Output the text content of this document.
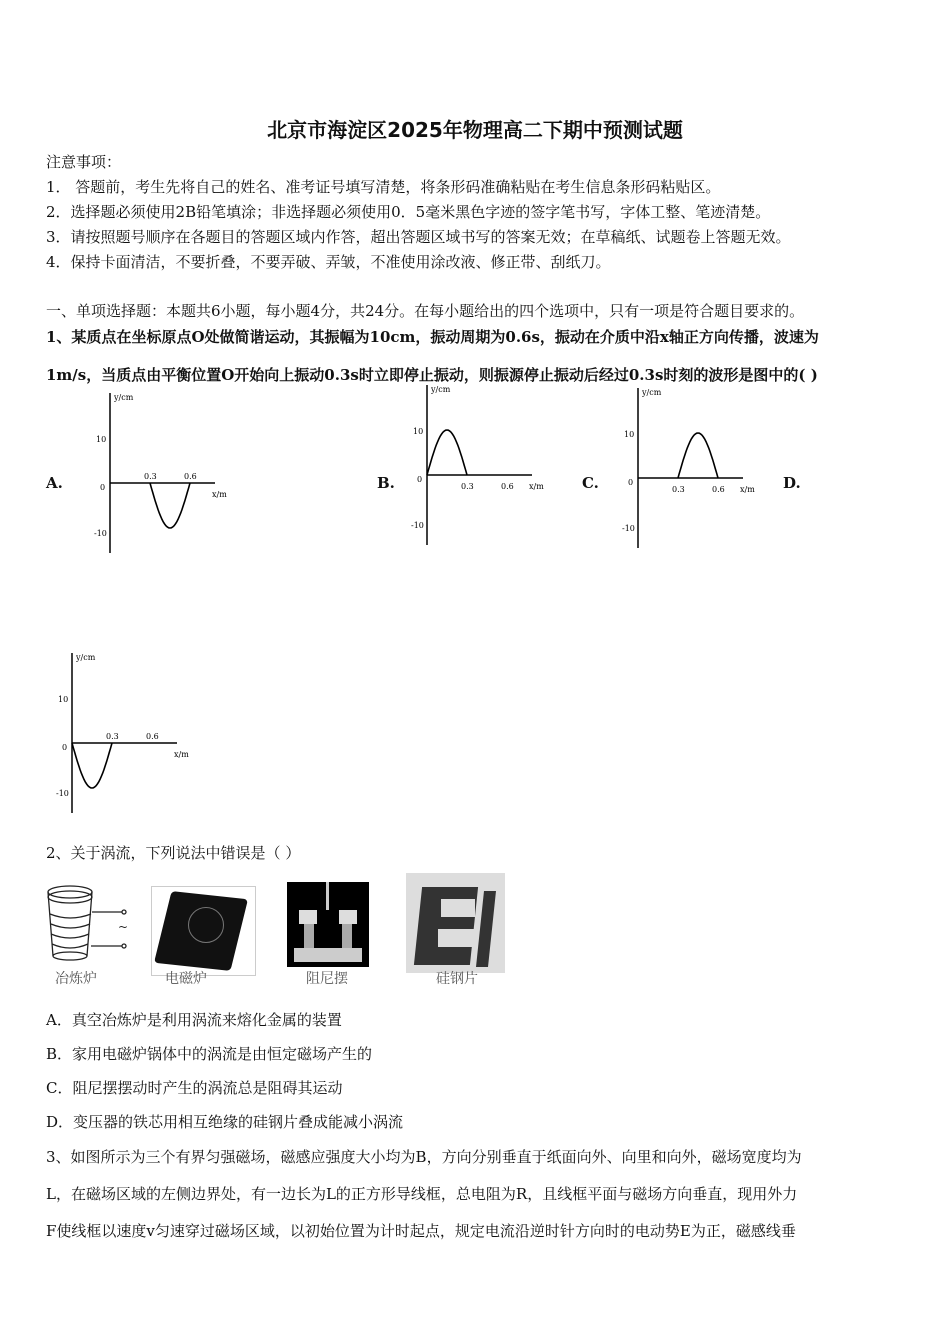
北京市海淀区2025年物理高二下期中预测试题
注意事项：
1． 答题前，考生先将自己的姓名、准考证号填写清楚，将条形码准确粘贴在考生信息条形码粘贴区。
2．选择题必须使用2B铅笔填涂；非选择题必须使用0．5毫米黑色字迹的签字笔书写，字体工整、笔迹清楚。
3．请按照题号顺序在各题目的答题区域内作答，超出答题区域书写的答案无效；在草稿纸、试题卷上答题无效。
4．保持卡面清洁，不要折叠，不要弄破、弄皱，不准使用涂改液、修正带、刮纸刀。
一、单项选择题：本题共6小题，每小题4分，共24分。在每小题给出的四个选项中，只有一项是符合题目要求的。
1、某质点在坐标原点O处做简谐运动，其振幅为10cm，振动周期为0.6s，振动在介质中沿x轴正方向传播，波速为
1m/s，当质点由平衡位置O开始向上振动0.3s时立即停止振动，则振源停止振动后经过0.3s时刻的波形是图中的( )
A.	B.	C.	D.
y/cm
x/m
10
0
-10
0.3	0.6
y/cm
x/m
10
0
-10
0.3	0.6
y/cm
x/m
10
0
-10
0.3	0.6
y/cm
x/m
10
0
-10
0.3	0.6
2、关于涡流，下列说法中错误是（ ）
~
冶炼炉	电磁炉	阻尼摆	硅钢片
A．真空冶炼炉是利用涡流来熔化金属的装置
B．家用电磁炉锅体中的涡流是由恒定磁场产生的
C．阻尼摆摆动时产生的涡流总是阻碍其运动
D．变压器的铁芯用相互绝缘的硅钢片叠成能减小涡流
3、如图所示为三个有界匀强磁场，磁感应强度大小均为B，方向分别垂直于纸面向外、向里和向外，磁场宽度均为
L，在磁场区域的左侧边界处，有一边长为L的正方形导线框，总电阻为R，且线框平面与磁场方向垂直，现用外力
F使线框以速度v匀速穿过磁场区域，以初始位置为计时起点，规定电流沿逆时针方向时的电动势E为正，磁感线垂
